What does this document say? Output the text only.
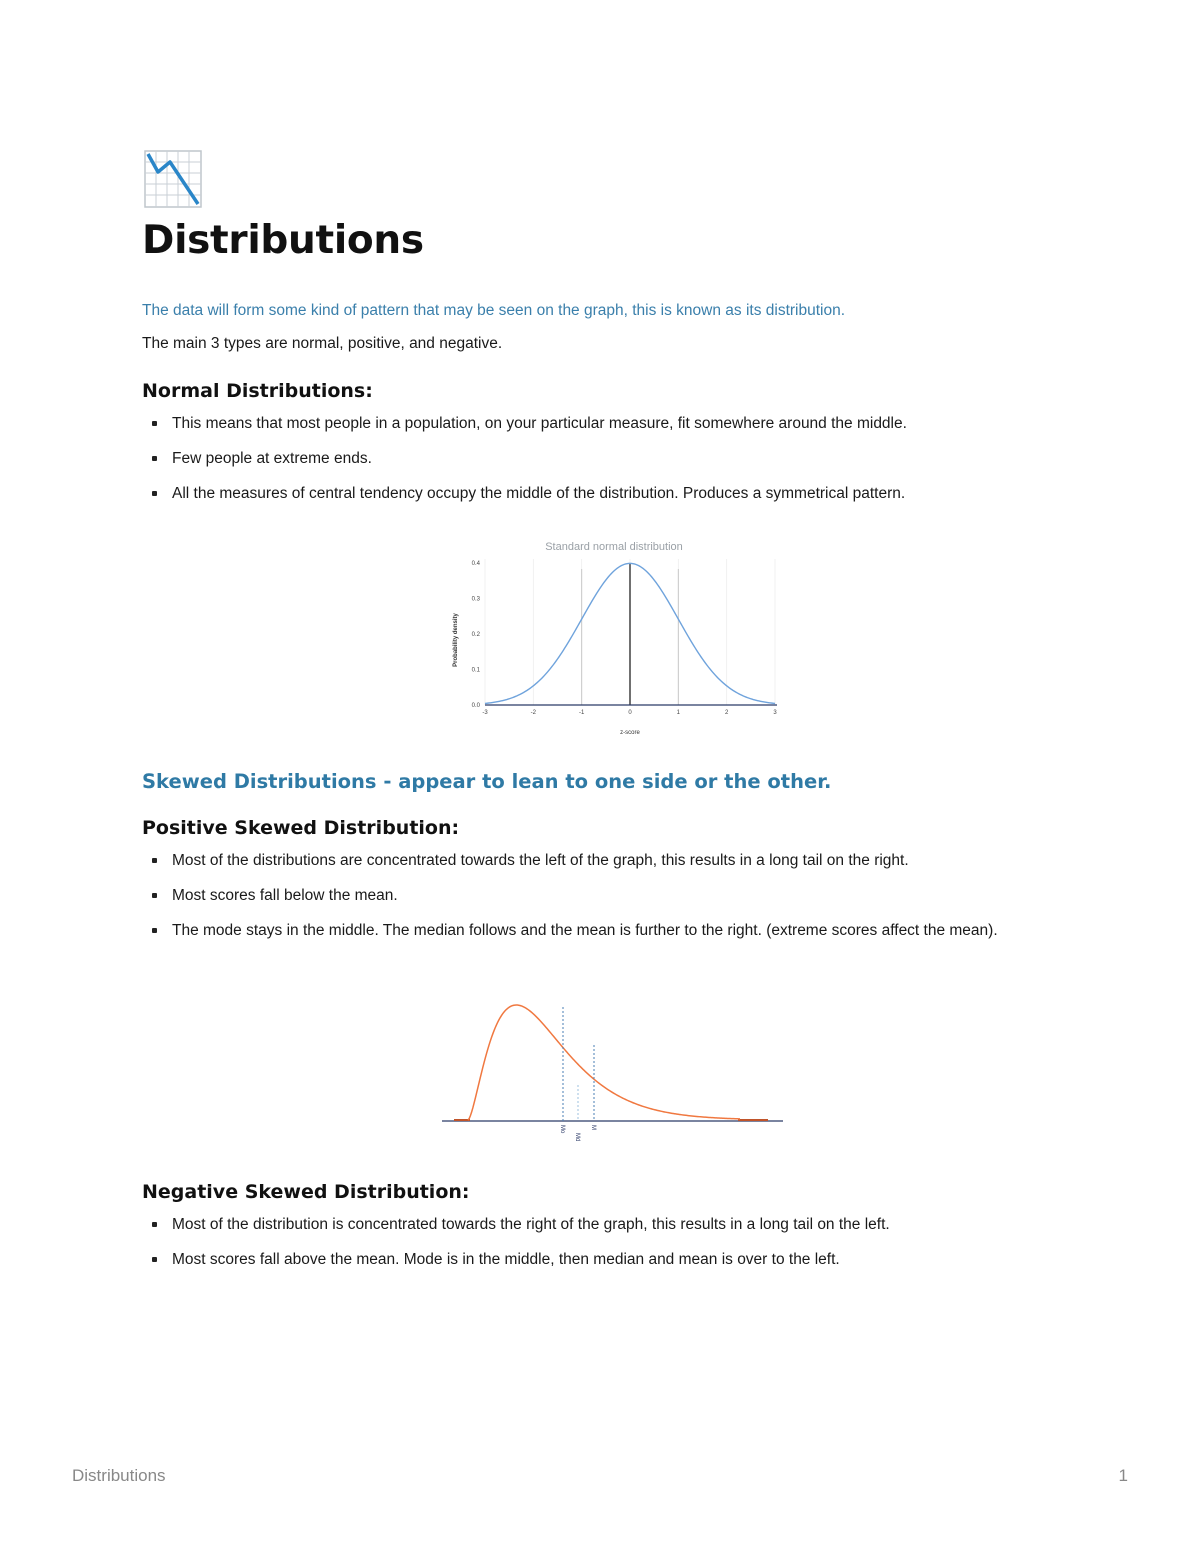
Distributions

The data will form some kind of pattern that may be seen on the graph, this is known as its distribution.

The main 3 types are normal, positive, and negative.

Normal Distributions:
This means that most people in a population, on your particular measure, fit somewhere around the middle.
Few people at extreme ends.
All the measures of central tendency occupy the middle of the distribution. Produces a symmetrical pattern.
Standard normal distribution
-3	-2	-1	0	1	2	3
0.0
0.1
0.2
0.3
0.4
Probability density
z-score
Skewed Distributions - appear to lean to one side or the other.
Positive Skewed Distribution:
Most of the distributions are concentrated towards the left of the graph, this results in a long tail on the right.
Most scores fall below the mean.
The mode stays in the middle. The median follows and the mean is further to the right. (extreme scores affect the mean).
Mo
Md
M
Negative Skewed Distribution:
Most of the distribution is concentrated towards the right of the graph, this results in a long tail on the left.
Most scores fall above the mean. Mode is in the middle, then median and mean is over to the left.
Distributions	1
